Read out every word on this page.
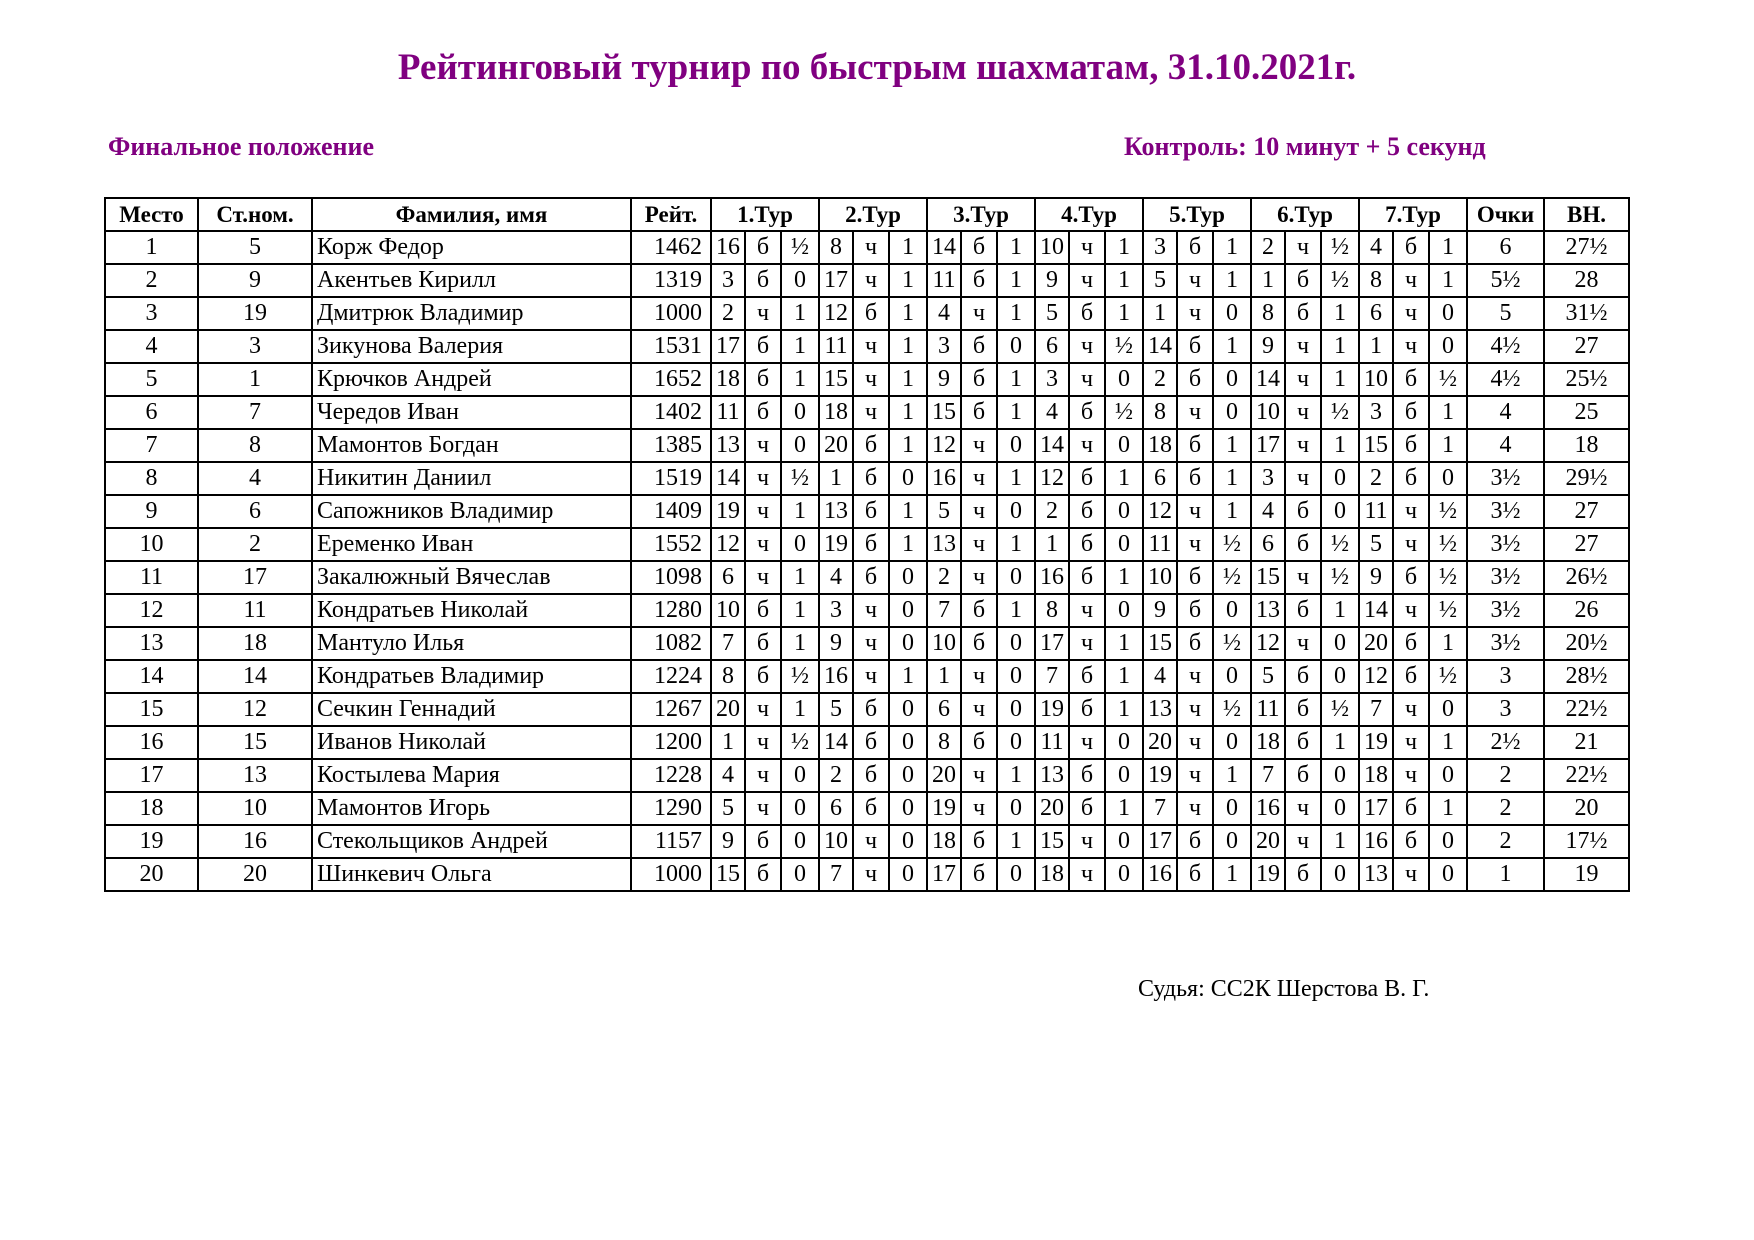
Рейтинговый турнир по быстрым шахматам, 31.10.2021г.
Финальное положение	Контроль: 10 минут + 5 секунд
Место	Ст.ном.	Фамилия, имя	Рейт.	1.Тур			2.Тур			3.Тур			4.Тур			5.Тур			6.Тур			7.Тур			Очки	ВН.
1	5	Корж Федор	1462	16	б	½	8	ч	1	14	б	1	10	ч	1	3	б	1	2	ч	½	4	б	1	6	27½
2	9	Акентьев Кирилл	1319	3	б	0	17	ч	1	11	б	1	9	ч	1	5	ч	1	1	б	½	8	ч	1	5½	28
3	19	Дмитрюк Владимир	1000	2	ч	1	12	б	1	4	ч	1	5	б	1	1	ч	0	8	б	1	6	ч	0	5	31½
4	3	Зикунова Валерия	1531	17	б	1	11	ч	1	3	б	0	6	ч	½	14	б	1	9	ч	1	1	ч	0	4½	27
5	1	Крючков Андрей	1652	18	б	1	15	ч	1	9	б	1	3	ч	0	2	б	0	14	ч	1	10	б	½	4½	25½
6	7	Чередов Иван	1402	11	б	0	18	ч	1	15	б	1	4	б	½	8	ч	0	10	ч	½	3	б	1	4	25
7	8	Мамонтов Богдан	1385	13	ч	0	20	б	1	12	ч	0	14	ч	0	18	б	1	17	ч	1	15	б	1	4	18
8	4	Никитин Даниил	1519	14	ч	½	1	б	0	16	ч	1	12	б	1	6	б	1	3	ч	0	2	б	0	3½	29½
9	6	Сапожников Владимир	1409	19	ч	1	13	б	1	5	ч	0	2	б	0	12	ч	1	4	б	0	11	ч	½	3½	27
10	2	Еременко Иван	1552	12	ч	0	19	б	1	13	ч	1	1	б	0	11	ч	½	6	б	½	5	ч	½	3½	27
11	17	Закалюжный Вячеслав	1098	6	ч	1	4	б	0	2	ч	0	16	б	1	10	б	½	15	ч	½	9	б	½	3½	26½
12	11	Кондратьев Николай	1280	10	б	1	3	ч	0	7	б	1	8	ч	0	9	б	0	13	б	1	14	ч	½	3½	26
13	18	Мантуло Илья	1082	7	б	1	9	ч	0	10	б	0	17	ч	1	15	б	½	12	ч	0	20	б	1	3½	20½
14	14	Кондратьев Владимир	1224	8	б	½	16	ч	1	1	ч	0	7	б	1	4	ч	0	5	б	0	12	б	½	3	28½
15	12	Сечкин Геннадий	1267	20	ч	1	5	б	0	6	ч	0	19	б	1	13	ч	½	11	б	½	7	ч	0	3	22½
16	15	Иванов Николай	1200	1	ч	½	14	б	0	8	б	0	11	ч	0	20	ч	0	18	б	1	19	ч	1	2½	21
17	13	Костылева Мария	1228	4	ч	0	2	б	0	20	ч	1	13	б	0	19	ч	1	7	б	0	18	ч	0	2	22½
18	10	Мамонтов Игорь	1290	5	ч	0	6	б	0	19	ч	0	20	б	1	7	ч	0	16	ч	0	17	б	1	2	20
19	16	Стекольщиков Андрей	1157	9	б	0	10	ч	0	18	б	1	15	ч	0	17	б	0	20	ч	1	16	б	0	2	17½
20	20	Шинкевич Ольга	1000	15	б	0	7	ч	0	17	б	0	18	ч	0	16	б	1	19	б	0	13	ч	0	1	19
Судья: СС2К Шерстова В. Г.
